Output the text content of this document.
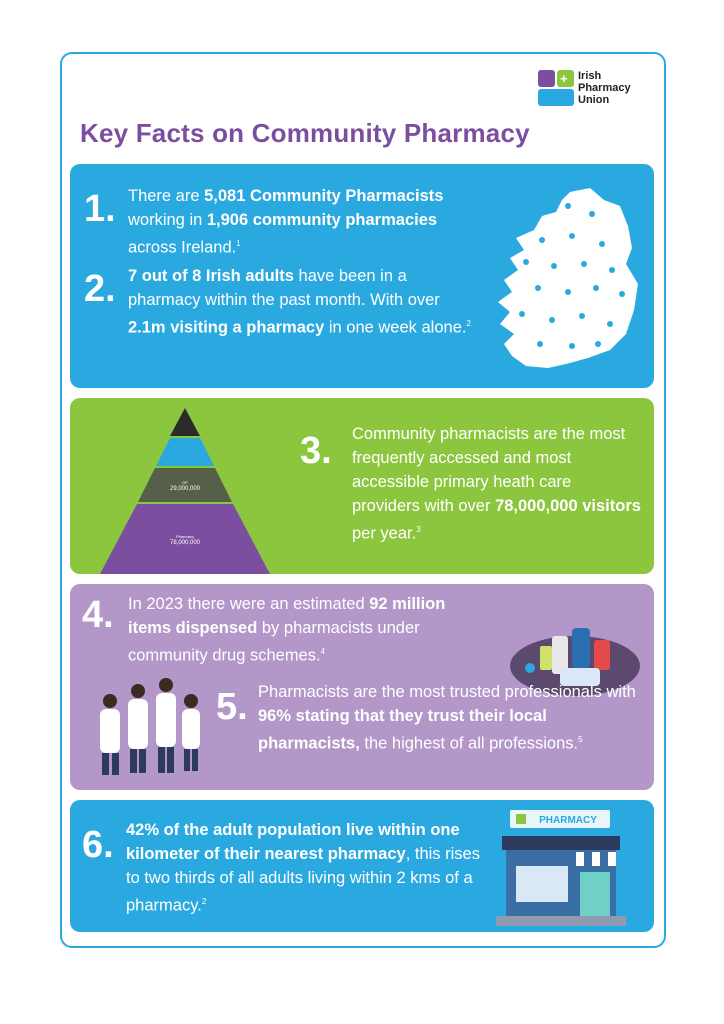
+ Irish
Pharmacy
Union
Key Facts on Community Pharmacy
1. There are 5,081 Community Pharmacists working in 1,906 community pharmacies across Ireland.$^1$
2. 7 out of 8 Irish adults have been in a pharmacy within the past month. With over 2.1m visiting a pharmacy in one week alone.$^2$
29,000,000
78,000,000
GP
Pharmacy
3. Community pharmacists are the most frequently accessed and most accessible primary heath care providers with over 78,000,000 visitors per year.$^3$
4. In 2023 there were an estimated 92 million items dispensed by pharmacists under community drug schemes.$^4$
5. Pharmacists are the most trusted professionals with 96% stating that they trust their local pharmacists, the highest of all professions.$^5$
6. 42% of the adult population live within one kilometer of their nearest pharmacy, this rises to two thirds of all adults living within 2 kms of a pharmacy.$^2$
PHARMACY
